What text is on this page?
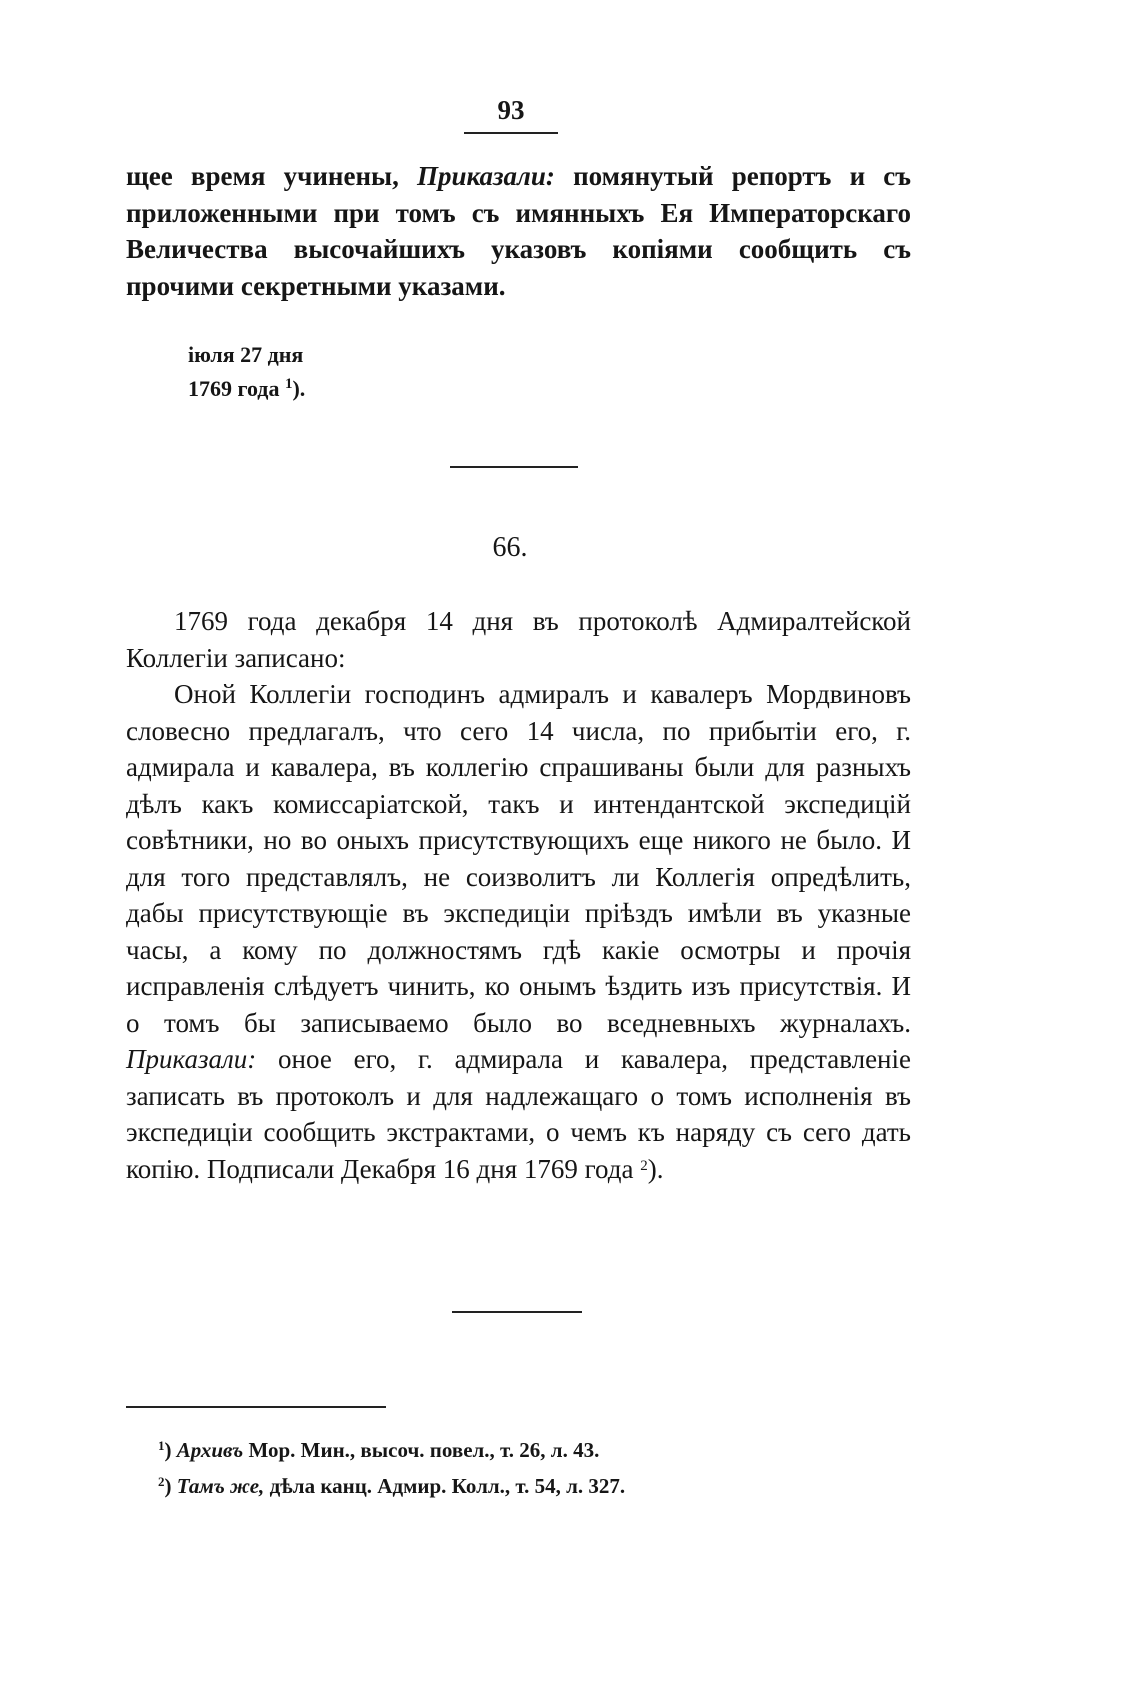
93

щее время учинены, Приказали: помянутый репортъ и съ приложенными при томъ съ имянныхъ Ея Императорскаго Величества высочайшихъ указовъ копіями сообщить съ прочими секретными указами.

іюля 27 дня
1769 года $^1$).
66.

1769 года декабря 14 дня въ протоколѣ Адмиралтейской Коллегіи записано:

Оной Коллегіи господинъ адмиралъ и кавалеръ Мордвиновъ словесно предлагалъ, что сего 14 числа, по прибытіи его, г. адмирала и кавалера, въ коллегію спрашиваны были для разныхъ дѣлъ какъ комиссаріатской, такъ и интендантской экспедицій совѣтники, но во оныхъ присутствующихъ еще никого не было. И для того представлялъ, не соизволитъ ли Коллегія опредѣлить, дабы присутствующіе въ экспедиціи пріѣздъ имѣли въ указные часы, а кому по должностямъ гдѣ какіе осмотры и прочія исправленія слѣдуетъ чинить, ко онымъ ѣздить изъ присутствія. И о томъ бы записываемо было во вседневныхъ журналахъ. Приказали: оное его, г. адмирала и кавалера, представленіе записать въ протоколъ и для надлежащаго о томъ исполненія въ экспедиціи сообщить экстрактами, о чемъ къ наряду съ сего дать копію. Подписали Декабря 16 дня 1769 года $^2$).

$^1$) Архивъ Мор. Мин., высоч. повел., т. 26, л. 43.
$^2$) Тамъ же, дѣла канц. Адмир. Колл., т. 54, л. 327.
